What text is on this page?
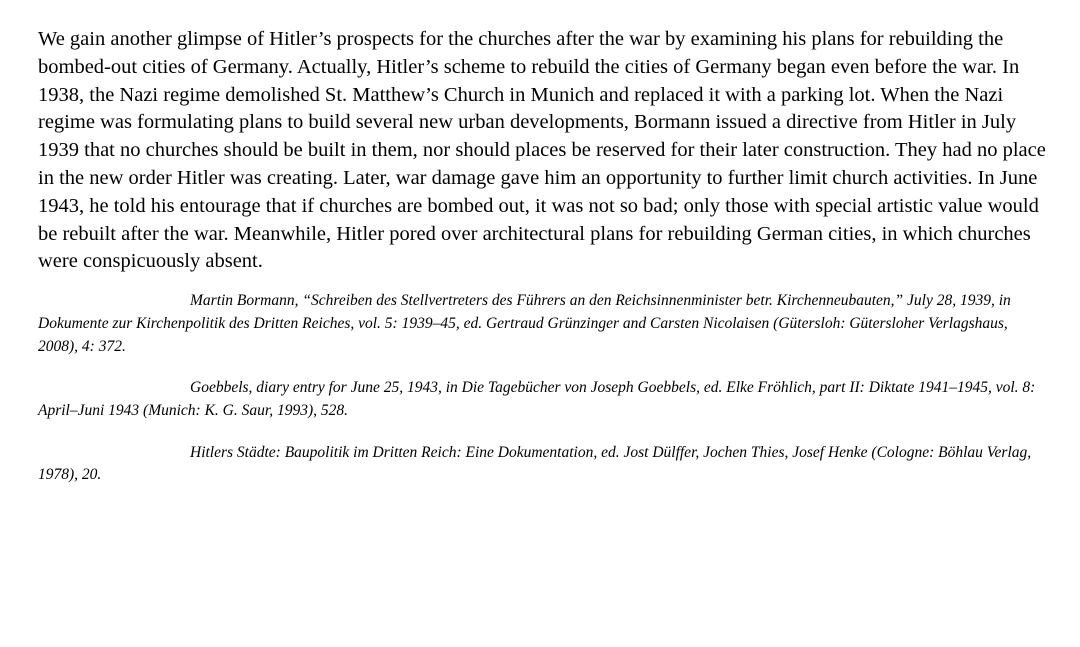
We gain another glimpse of Hitler’s prospects for the churches after the war by examining his plans for rebuilding the bombed-out cities of Germany. Actually, Hitler’s scheme to rebuild the cities of Germany began even before the war. In 1938, the Nazi regime demolished St. Matthew’s Church in Munich and replaced it with a parking lot. When the Nazi regime was formulating plans to build several new urban developments, Bormann issued a directive from Hitler in July 1939 that no churches should be built in them, nor should places be reserved for their later construction. They had no place in the new order Hitler was creating. Later, war damage gave him an opportunity to further limit church activities. In June 1943, he told his entourage that if churches are bombed out, it was not so bad; only those with special artistic value would be rebuilt after the war. Meanwhile, Hitler pored over architectural plans for rebuilding German cities, in which churches were conspicuously absent.

Martin Bormann, “Schreiben des Stellvertreters des Führers an den Reichsinnenminister betr. Kirchenneubauten,” July 28, 1939, in Dokumente zur Kirchenpolitik des Dritten Reiches, vol. 5: 1939–45, ed. Gertraud Grünzinger and Carsten Nicolaisen (Gütersloh: Gütersloher Verlagshaus, 2008), 4: 372.

Goebbels, diary entry for June 25, 1943, in Die Tagebücher von Joseph Goebbels, ed. Elke Fröhlich, part II: Diktate 1941–1945, vol. 8: April–Juni 1943 (Munich: K. G. Saur, 1993), 528.

Hitlers Städte: Baupolitik im Dritten Reich: Eine Dokumentation, ed. Jost Dülffer, Jochen Thies, Josef Henke (Cologne: Böhlau Verlag, 1978), 20.
